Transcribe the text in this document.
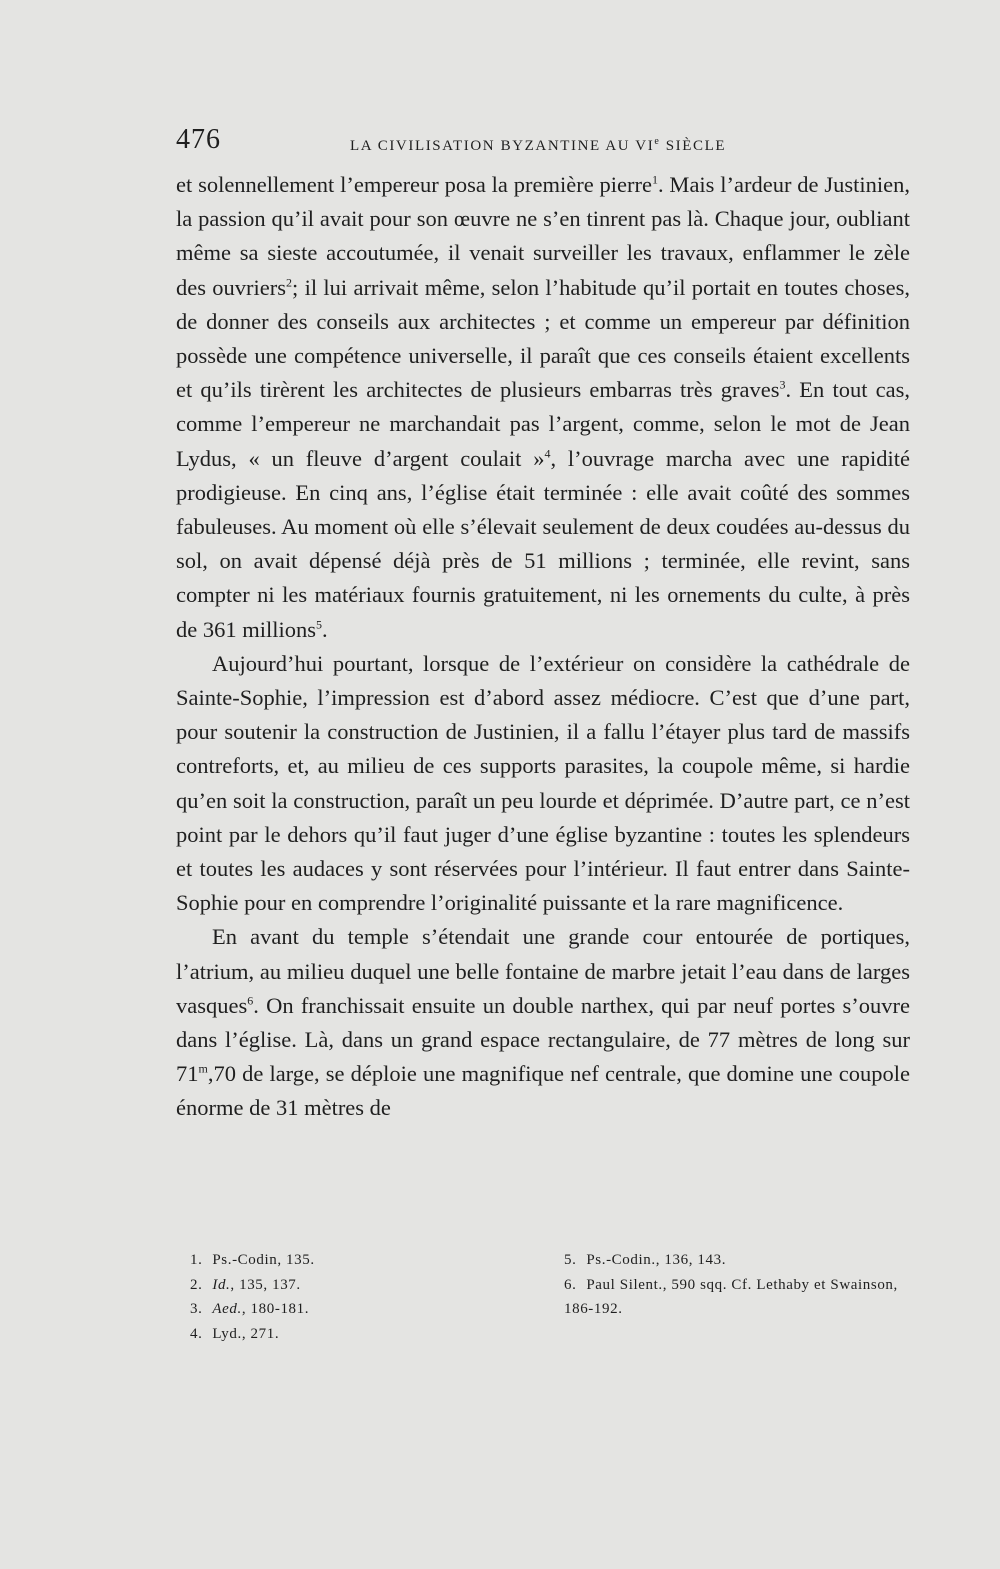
476	LA CIVILISATION BYZANTINE AU VIe SIÈCLE

et solennellement l’empereur posa la première pierre$^1$. Mais l’ardeur de Justinien, la passion qu’il avait pour son œuvre ne s’en tinrent pas là. Chaque jour, oubliant même sa sieste accoutumée, il venait surveiller les travaux, enflammer le zèle des ouvriers$^2$; il lui arrivait même, selon l’habitude qu’il portait en toutes choses, de donner des conseils aux architectes ; et comme un empereur par définition possède une compétence universelle, il paraît que ces conseils étaient excellents et qu’ils tirèrent les architectes de plusieurs embarras très graves$^3$. En tout cas, comme l’empereur ne marchandait pas l’argent, comme, selon le mot de Jean Lydus, « un fleuve d’argent coulait »$^4$, l’ouvrage marcha avec une rapidité prodigieuse. En cinq ans, l’église était terminée : elle avait coûté des sommes fabuleuses. Au moment où elle s’élevait seulement de deux coudées au-dessus du sol, on avait dépensé déjà près de 51 millions ; terminée, elle revint, sans compter ni les matériaux fournis gratuitement, ni les ornements du culte, à près de 361 millions$^5$.

Aujourd’hui pourtant, lorsque de l’extérieur on considère la cathédrale de Sainte-Sophie, l’impression est d’abord assez médiocre. C’est que d’une part, pour soutenir la construction de Justinien, il a fallu l’étayer plus tard de massifs contreforts, et, au milieu de ces supports parasites, la coupole même, si hardie qu’en soit la construction, paraît un peu lourde et déprimée. D’autre part, ce n’est point par le dehors qu’il faut juger d’une église byzantine : toutes les splendeurs et toutes les audaces y sont réservées pour l’intérieur. Il faut entrer dans Sainte-Sophie pour en comprendre l’originalité puissante et la rare magnificence.

En avant du temple s’étendait une grande cour entourée de portiques, l’atrium, au milieu duquel une belle fontaine de marbre jetait l’eau dans de larges vasques$^6$. On franchissait ensuite un double narthex, qui par neuf portes s’ouvre dans l’église. Là, dans un grand espace rectangulaire, de 77 mètres de long sur 71$^m$,70 de large, se déploie une magnifique nef centrale, que domine une coupole énorme de 31 mètres de

1. Ps.-Codin, 135.
2. Id., 135, 137.
3. Aed., 180-181.
4. Lyd., 271.
5. Ps.-Codin., 136, 143.
6. Paul Silent., 590 sqq. Cf. Lethaby et Swainson, 186-192.
